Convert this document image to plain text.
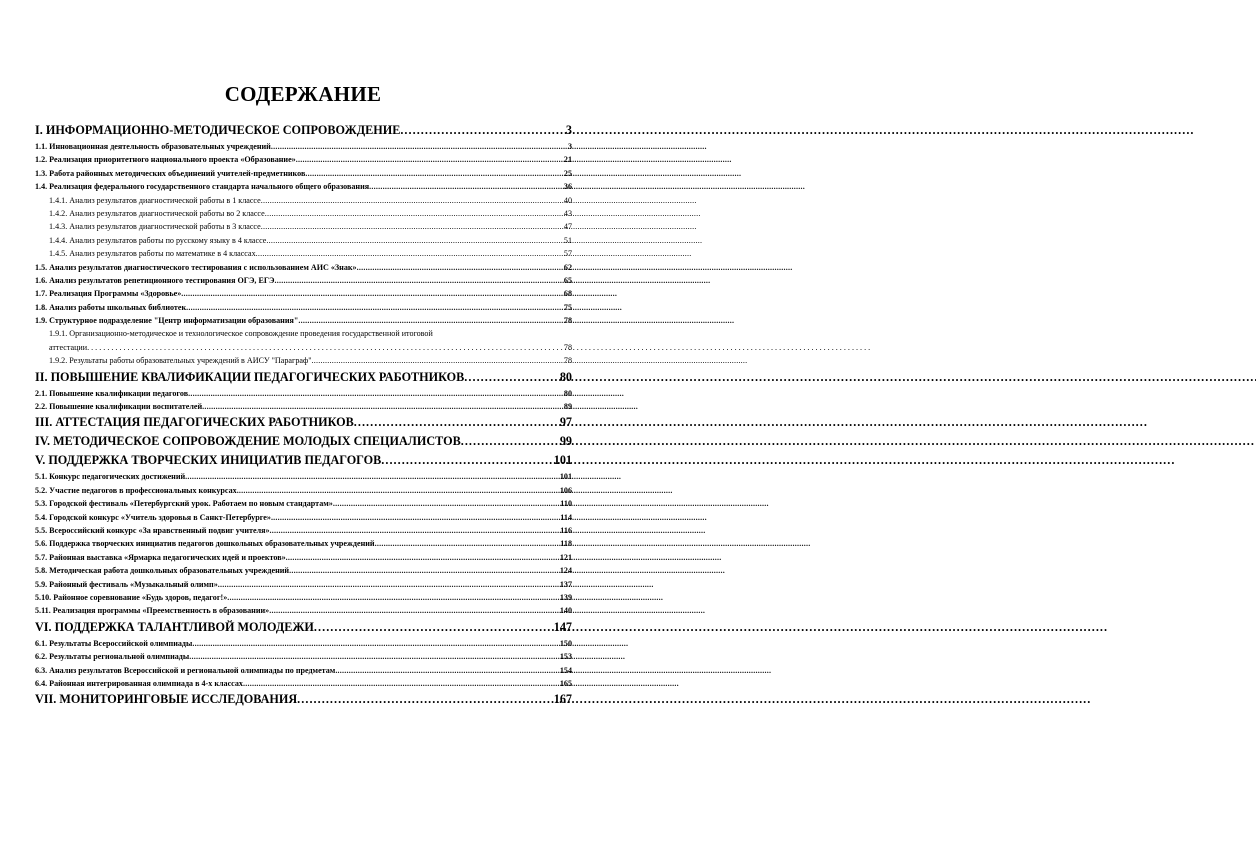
СОДЕРЖАНИЕ
I. ИНФОРМАЦИОННО-МЕТОДИЧЕСКОЕ СОПРОВОЖДЕНИЕ . . .	3
1.1. Инновационная деятельность образовательных учреждений . . .	3
1.2. Реализация приоритетного национального проекта «Образование» . . .	21
1.3. Работа районных методических объединений учителей-предметников . . .	25
1.4. Реализация федерального государственного стандарта начального общего образования . . .	36
1.4.1. Анализ результатов диагностической работы в 1 классе . . .	40
1.4.2. Анализ результатов диагностической работы во 2 классе . . .	43
1.4.3. Анализ результатов диагностической работы в 3 классе . . .	47
1.4.4. Анализ результатов работы по русскому языку в 4 классе . . .	51
1.4.5. Анализ результатов работы по математике в 4 классах . . .	57
1.5. Анализ результатов диагностического тестирования с использованием АИС «Знак» . . .	62
1.6. Анализ результатов репетиционного тестирования ОГЭ, ЕГЭ . . .	65
1.7. Реализация Программы «Здоровье» . . .	68
1.8. Анализ работы школьных библиотек . . .	75
1.9. Структурное подразделение "Центр информатизации образования" . . .	78
1.9.1. Организационно-методическое и технологическое сопровождение проведения государственной итоговой
аттестации . . .	78
1.9.2. Результаты работы образовательных учреждений в АИСУ "Параграф" . . .	78
II. ПОВЫШЕНИЕ КВАЛИФИКАЦИИ ПЕДАГОГИЧЕСКИХ РАБОТНИКОВ . . .	80
2.1. Повышение квалификации педагогов . . .	80
2.2. Повышение квалификации воспитателей . . .	89
III. АТТЕСТАЦИЯ ПЕДАГОГИЧЕСКИХ РАБОТНИКОВ . . .	97
IV. МЕТОДИЧЕСКОЕ СОПРОВОЖДЕНИЕ МОЛОДЫХ СПЕЦИАЛИСТОВ . . .	99
V. ПОДДЕРЖКА ТВОРЧЕСКИХ ИНИЦИАТИВ ПЕДАГОГОВ . . .	101
5.1. Конкурс педагогических достижений . . .	101
5.2. Участие педагогов в профессиональных конкурсах . . .	106
5.3. Городской фестиваль «Петербургский урок. Работаем по новым стандартам» . . .	110
5.4. Городской конкурс «Учитель здоровья в Санкт-Петербурге» . . .	114
5.5. Всероссийский конкурс «За нравственный подвиг учителя» . . .	116
5.6. Поддержка творческих инициатив педагогов дошкольных образовательных учреждений . . .	118
5.7. Районная выставка «Ярмарка педагогических идей и проектов» . . .	121
5.8. Методическая работа дошкольных образовательных учреждений . . .	124
5.9. Районный фестиваль «Музыкальный олимп» . . .	137
5.10. Районное соревнование «Будь здоров, педагог!» . . .	139
5.11. Реализация программы «Преемственность в образовании» . . .	140
VI. ПОДДЕРЖКА ТАЛАНТЛИВОЙ МОЛОДЕЖИ . . .	147
6.1. Результаты Всероссийской олимпиады . . .	150
6.2. Результаты региональной олимпиады . . .	153
6.3. Анализ результатов Всероссийской и региональной олимпиады по предметам . . .	154
6.4. Районная интегрированная олимпиада в 4-х классах . . .	165
VII. МОНИТОРИНГОВЫЕ ИССЛЕДОВАНИЯ . . .	167
